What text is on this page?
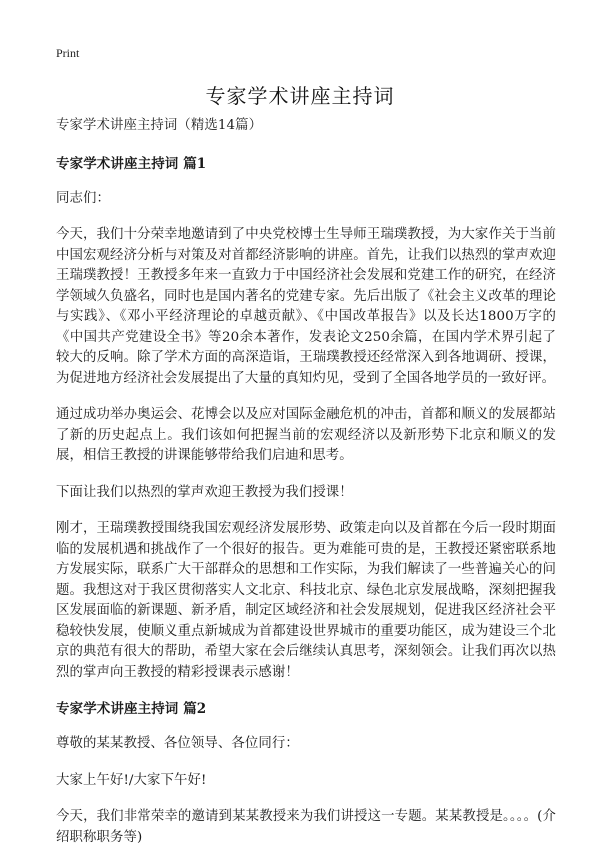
Print
专家学术讲座主持词

专家学术讲座主持词（精选14篇）

专家学术讲座主持词 篇1

同志们：

今天，我们十分荣幸地邀请到了中央党校博士生导师王瑞璞教授，为大家作关于当前中国宏观经济分析与对策及对首都经济影响的讲座。首先，让我们以热烈的掌声欢迎王瑞璞教授！王教授多年来一直致力于中国经济社会发展和党建工作的研究，在经济学领域久负盛名，同时也是国内著名的党建专家。先后出版了《社会主义改革的理论与实践》、《邓小平经济理论的卓越贡献》、《中国改革报告》以及长达1800万字的《中国共产党建设全书》等20余本著作，发表论文250余篇，在国内学术界引起了较大的反响。除了学术方面的高深造诣，王瑞璞教授还经常深入到各地调研、授课，为促进地方经济社会发展提出了大量的真知灼见，受到了全国各地学员的一致好评。

通过成功举办奥运会、花博会以及应对国际金融危机的冲击，首都和顺义的发展都站了新的历史起点上。我们该如何把握当前的宏观经济以及新形势下北京和顺义的发展，相信王教授的讲课能够带给我们启迪和思考。

下面让我们以热烈的掌声欢迎王教授为我们授课！

刚才，王瑞璞教授围绕我国宏观经济发展形势、政策走向以及首都在今后一段时期面临的发展机遇和挑战作了一个很好的报告。更为难能可贵的是，王教授还紧密联系地方发展实际，联系广大干部群众的思想和工作实际，为我们解读了一些普遍关心的问题。我想这对于我区贯彻落实人文北京、科技北京、绿色北京发展战略，深刻把握我区发展面临的新课题、新矛盾，制定区域经济和社会发展规划，促进我区经济社会平稳较快发展，使顺义重点新城成为首都建设世界城市的重要功能区，成为建设三个北京的典范有很大的帮助，希望大家在会后继续认真思考，深刻领会。让我们再次以热烈的掌声向王教授的精彩授课表示感谢！

专家学术讲座主持词 篇2

尊敬的某某教授、各位领导、各位同行：

大家上午好!/大家下午好!

今天，我们非常荣幸的邀请到某某教授来为我们讲授这一专题。某某教授是。。。。(介绍职称职务等)
